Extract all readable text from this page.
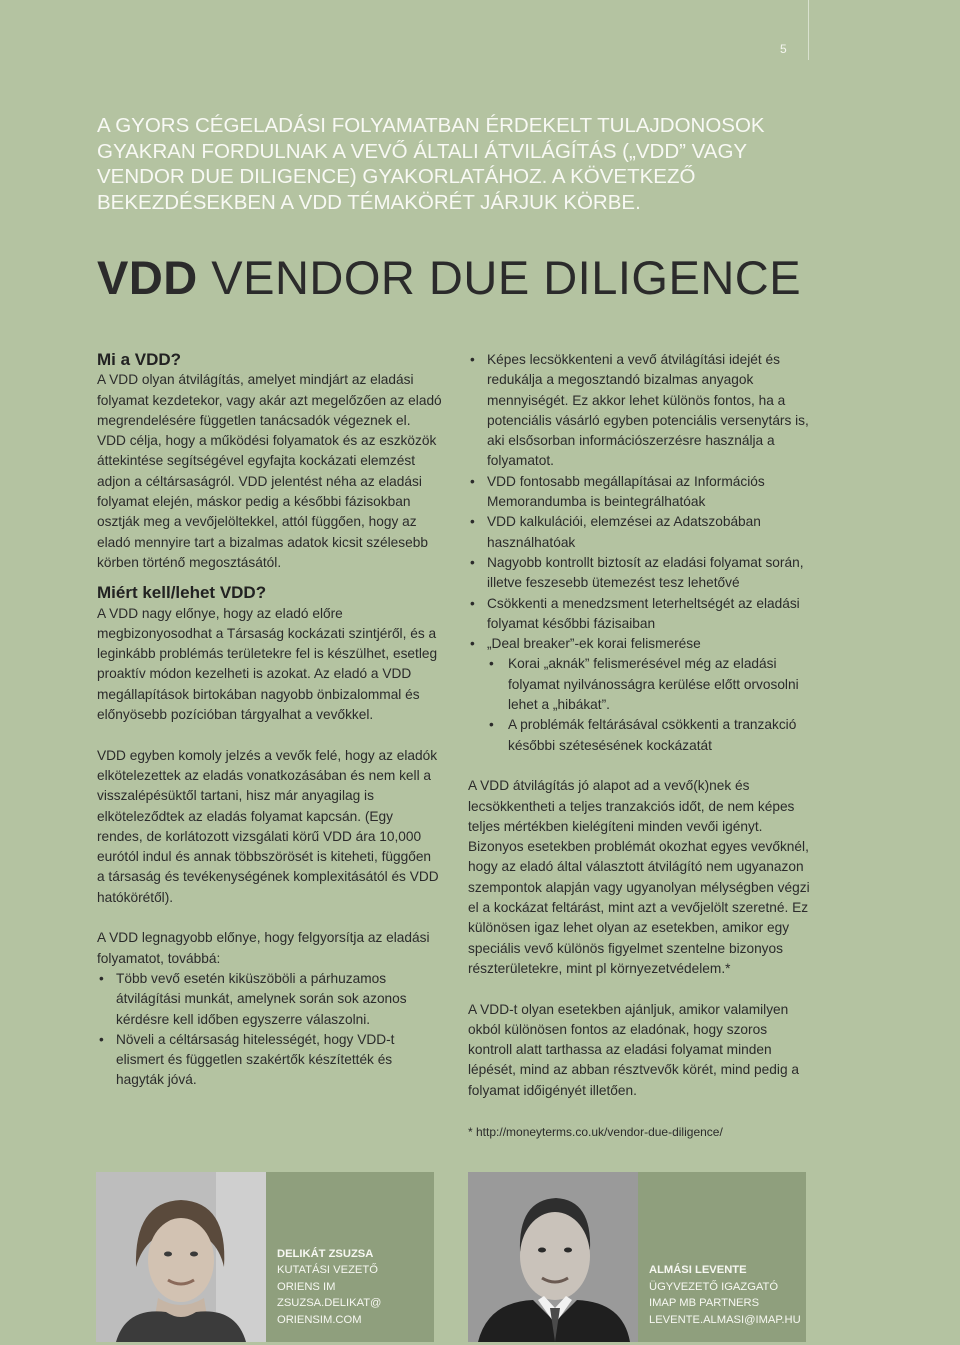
5
A GYORS CÉGELADÁSI FOLYAMATBAN ÉRDEKELT TULAJDONOSOK GYAKRAN FORDULNAK A VEVŐ ÁLTALI ÁTVILÁGÍTÁS („VDD” VAGY VENDOR DUE DILIGENCE) GYAKORLATÁHOZ. A KÖVETKEZŐ BEKEZDÉSEKBEN A VDD TÉMAKÖRÉT JÁRJUK KÖRBE.
VDD VENDOR DUE DILIGENCE
Mi a VDD?

A VDD olyan átvilágítás, amelyet mindjárt az eladási folyamat kezdetekor, vagy akár azt megelőzően az eladó megrendelésére független tanácsadók végeznek el. VDD célja, hogy a működési folyamatok és az eszközök áttekintése segítségével egyfajta kockázati elemzést adjon a céltársaságról. VDD jelentést néha az eladási folyamat elején, máskor pedig a későbbi fázisokban osztják meg a vevőjelöltekkel, attól függően, hogy az eladó mennyire tart a bizalmas adatok kicsit szélesebb körben történő megosztásától.

Miért kell/lehet VDD?

A VDD nagy előnye, hogy az eladó előre megbizonyosodhat a Társaság kockázati szintjéről, és a leginkább problémás területekre fel is készülhet, esetleg proaktív módon kezelheti is azokat. Az eladó a VDD megállapítások birtokában nagyobb önbizalommal és előnyösebb pozícióban tárgyalhat a vevőkkel.

VDD egyben komoly jelzés a vevők felé, hogy az eladók elkötelezettek az eladás vonatkozásában és nem kell a visszalépésüktől tartani, hisz már anyagilag is elköteleződtek az eladás folyamat kapcsán. (Egy rendes, de korlátozott vizsgálati körű VDD ára 10,000 eurótól indul és annak többszörösét is kiteheti, függően a társaság és tevékenységének komplexitásától és VDD hatókörétől).

A VDD legnagyobb előnye, hogy felgyorsítja az eladási folyamatot, továbbá:

• Több vevő esetén kiküszöböli a párhuzamos átvilágítási munkát, amelynek során sok azonos kérdésre kell időben egyszerre válaszolni.
• Növeli a céltársaság hitelességét, hogy VDD-t elismert és független szakértők készítették és hagyták jóvá.
• Képes lecsökkenteni a vevő átvilágítási idejét és redukálja a megosztandó bizalmas anyagok mennyiségét. Ez akkor lehet különös fontos, ha a potenciális vásárló egyben potenciális versenytárs is, aki elsősorban információszerzésre használja a folyamatot.
• VDD fontosabb megállapításai az Információs Memorandumba is beintegrálhatóak
• VDD kalkulációi, elemzései az Adatszobában használhatóak
• Nagyobb kontrollt biztosít az eladási folyamat során, illetve feszesebb ütemezést tesz lehetővé
• Csökkenti a menedzsment leterheltségét az eladási folyamat későbbi fázisaiban
• „Deal breaker”-ek korai felismerése
• Korai „aknák” felismerésével még az eladási folyamat nyilvánosságra kerülése előtt orvosolni lehet a „hibákat”.
• A problémák feltárásával csökkenti a tranzakció későbbi szétesésének kockázatát

A VDD átvilágítás jó alapot ad a vevő(k)nek és lecsökkentheti a teljes tranzakciós időt, de nem képes teljes mértékben kielégíteni minden vevői igényt. Bizonyos esetekben problémát okozhat egyes vevőknél, hogy az eladó által választott átvilágító nem ugyanazon szempontok alapján vagy ugyanolyan mélységben végzi el a kockázat feltárást, mint azt a vevőjelölt szeretné. Ez különösen igaz lehet olyan az esetekben, amikor egy speciális vevő különös figyelmet szentelne bizonyos részterületekre, mint pl környezetvédelem.*

A VDD-t olyan esetekben ajánljuk, amikor valamilyen okból különösen fontos az eladónak, hogy szoros kontroll alatt tarthassa az eladási folyamat minden lépését, mind az abban résztvevők körét, mind pedig a folyamat időigényét illetően.

* http://moneyterms.co.uk/vendor-due-diligence/
DELIKÁT ZSUZSA
KUTATÁSI VEZETŐ
ORIENS IM
ZSUZSA.DELIKAT@
ORIENSIM.COM
ALMÁSI LEVENTE
ÜGYVEZETŐ IGAZGATÓ
IMAP MB PARTNERS
LEVENTE.ALMASI@IMAP.HU
